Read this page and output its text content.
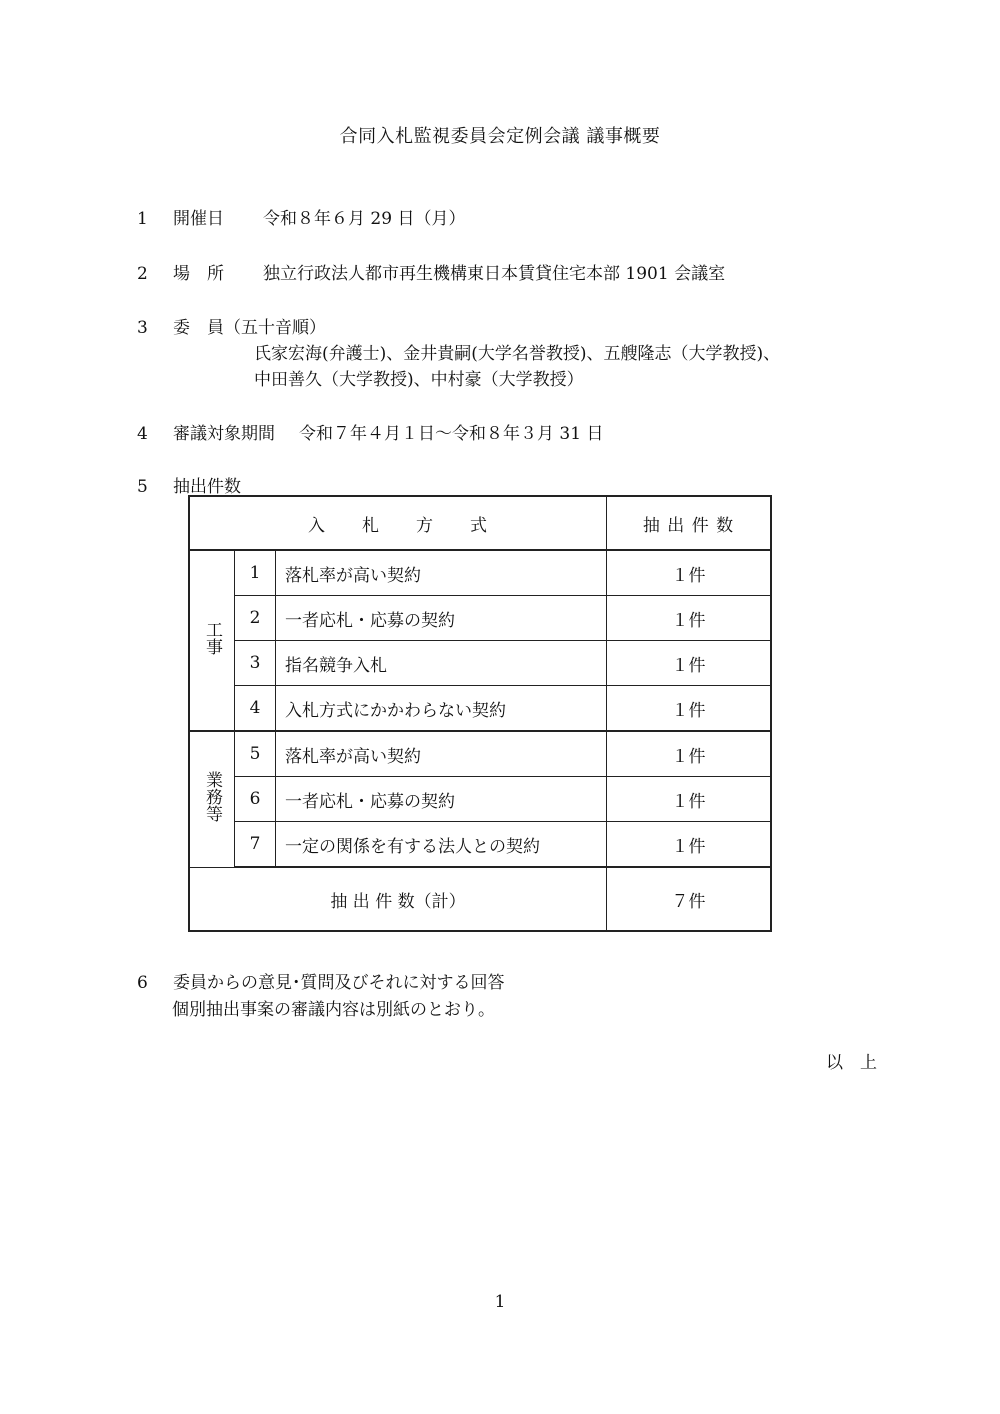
合同入札監視委員会定例会議 議事概要
1 開催日 令和８年６月 29 日（月）
2 場　所 独立行政法人都市再生機構東日本賃貸住宅本部 1901 会議室
3 委　員（五十音順）
氏家宏海(弁護士)、金井貴嗣(大学名誉教授)、五艘隆志（大学教授)、
中田善久（大学教授)、中村豪（大学教授）
4 審議対象期間 令和７年４月１日～令和８年３月 31 日
5 抽出件数
入　　札　　方　　式			抽 出 件 数
工事	1	落札率が高い契約	１件
	2	一者応札・応募の契約	１件
	3	指名競争入札	１件
	4	入札方式にかかわらない契約	１件
業務等	5	落札率が高い契約	１件
	6	一者応札・応募の契約	１件
	7	一定の関係を有する法人との契約	１件
抽 出 件 数（計）			７件
6 委員からの意見･質問及びそれに対する回答
個別抽出事案の審議内容は別紙のとおり。
以　上
1
